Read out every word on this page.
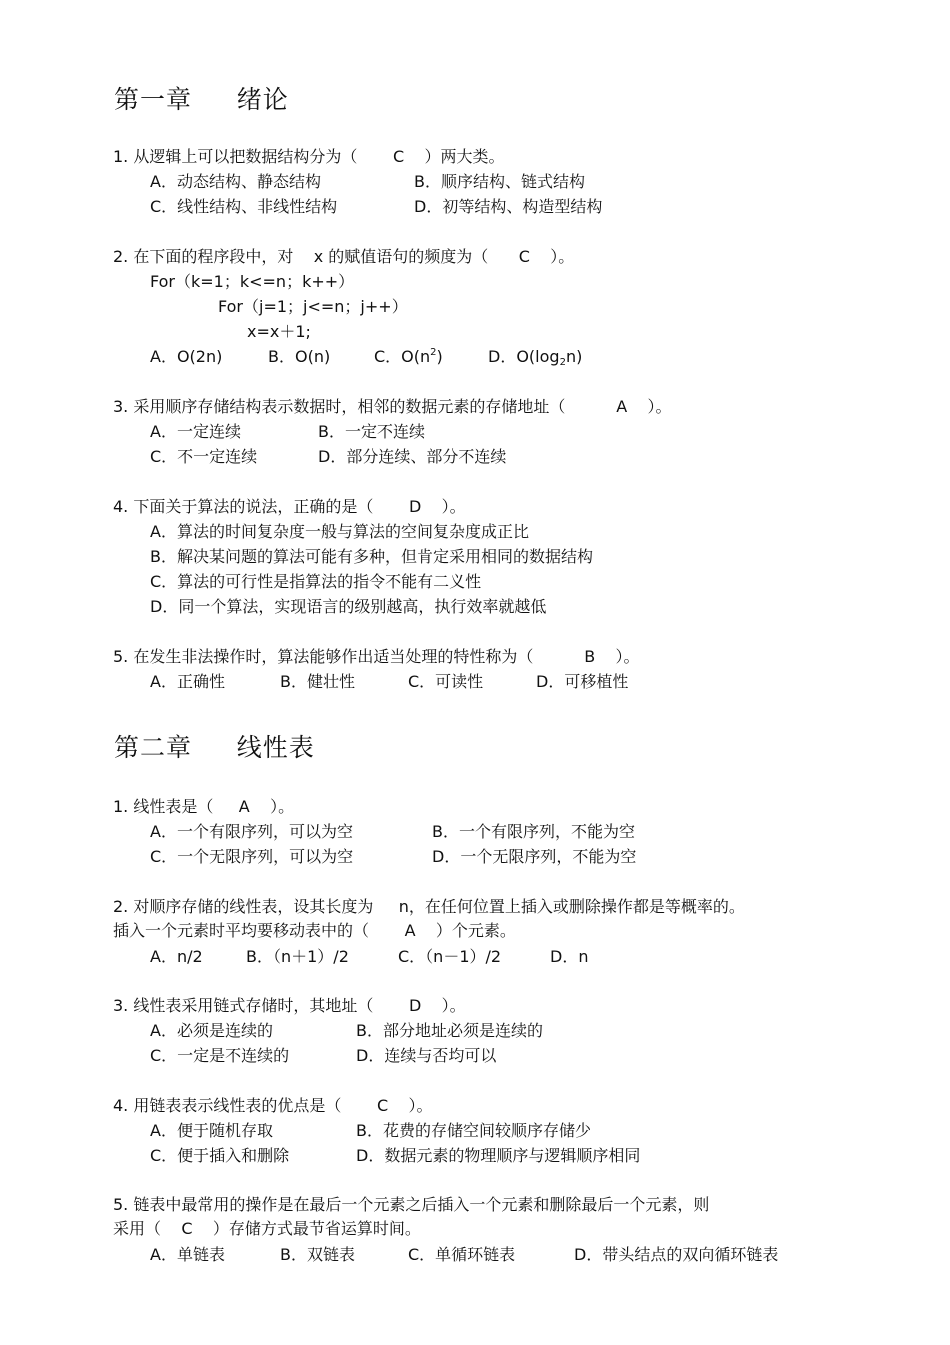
第一章     绪论

1. 从逻辑上可以把数据结构分为（       C    ）两大类。

A．动态结构、静态结构	B．顺序结构、链式结构
C．线性结构、非线性结构	D．初等结构、构造型结构

2. 在下面的程序段中，对    x 的赋值语句的频度为（      C    ）。

For（k=1；k<=n；k++）

For（j=1；j<=n；j++）

x=x＋1;

A．O(2n)	B．O(n)	C．$O(n^2)$	D．$O(\log_2n)$

3. 采用顺序存储结构表示数据时，相邻的数据元素的存储地址（          A    ）。

A．一定连续	B．一定不连续
C．不一定连续	D．部分连续、部分不连续

4. 下面关于算法的说法，正确的是（       D    ）。

A．算法的时间复杂度一般与算法的空间复杂度成正比

B．解决某问题的算法可能有多种，但肯定采用相同的数据结构

C．算法的可行性是指算法的指令不能有二义性

D．同一个算法，实现语言的级别越高，执行效率就越低

5. 在发生非法操作时，算法能够作出适当处理的特性称为（          B    ）。

A．正确性	B．健壮性	C．可读性	D．可移植性
第二章     线性表

1. 线性表是（     A    ）。

A．一个有限序列，可以为空	B．一个有限序列，不能为空
C．一个无限序列，可以为空	D．一个无限序列，不能为空

2. 对顺序存储的线性表，设其长度为     n，在任何位置上插入或删除操作都是等概率的。

插入一个元素时平均要移动表中的（       A    ）个元素。

A．n/2	B．（n＋1）/2	C．（n－1）/2	D．n

3. 线性表采用链式存储时，其地址（       D    ）。

A．必须是连续的	B．部分地址必须是连续的
C．一定是不连续的	D．连续与否均可以

4. 用链表表示线性表的优点是（       C    ）。

A．便于随机存取	B．花费的存储空间较顺序存储少
C．便于插入和删除	D．数据元素的物理顺序与逻辑顺序相同

5. 链表中最常用的操作是在最后一个元素之后插入一个元素和删除最后一个元素，则

采用（    C    ）存储方式最节省运算时间。

A．单链表	B．双链表	C．单循环链表	D．带头结点的双向循环链表
